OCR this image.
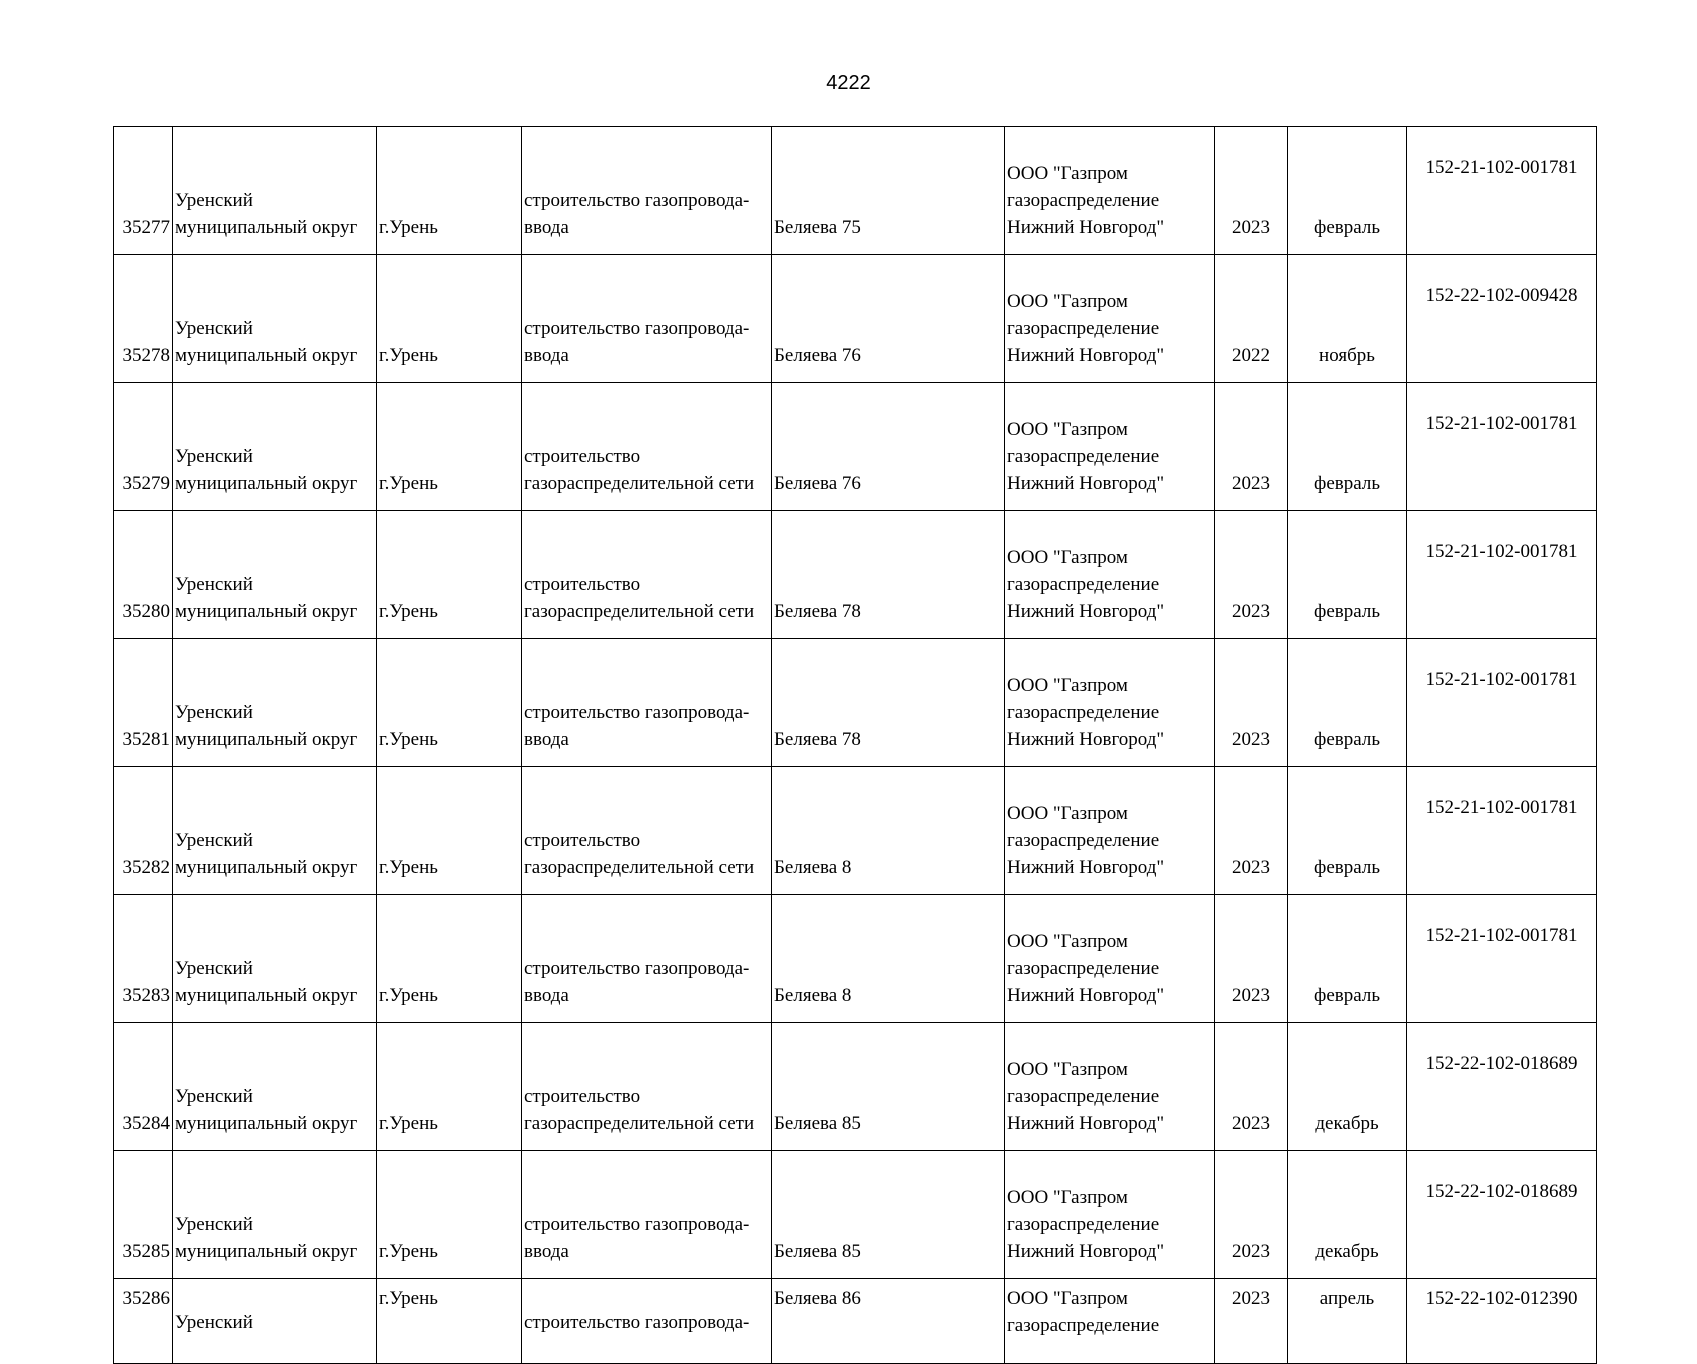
4222
35277	Уренский
муниципальный округ	г.Урень	строительство газопровода-
ввода	Беляева 75	ООО "Газпром
газораспределение
Нижний Новгород"	2023	февраль	152-21-102-001781
35278	Уренский
муниципальный округ	г.Урень	строительство газопровода-
ввода	Беляева 76	ООО "Газпром
газораспределение
Нижний Новгород"	2022	ноябрь	152-22-102-009428
35279	Уренский
муниципальный округ	г.Урень	строительство
газораспределительной сети	Беляева 76	ООО "Газпром
газораспределение
Нижний Новгород"	2023	февраль	152-21-102-001781
35280	Уренский
муниципальный округ	г.Урень	строительство
газораспределительной сети	Беляева 78	ООО "Газпром
газораспределение
Нижний Новгород"	2023	февраль	152-21-102-001781
35281	Уренский
муниципальный округ	г.Урень	строительство газопровода-
ввода	Беляева 78	ООО "Газпром
газораспределение
Нижний Новгород"	2023	февраль	152-21-102-001781
35282	Уренский
муниципальный округ	г.Урень	строительство
газораспределительной сети	Беляева 8	ООО "Газпром
газораспределение
Нижний Новгород"	2023	февраль	152-21-102-001781
35283	Уренский
муниципальный округ	г.Урень	строительство газопровода-
ввода	Беляева 8	ООО "Газпром
газораспределение
Нижний Новгород"	2023	февраль	152-21-102-001781
35284	Уренский
муниципальный округ	г.Урень	строительство
газораспределительной сети	Беляева 85	ООО "Газпром
газораспределение
Нижний Новгород"	2023	декабрь	152-22-102-018689
35285	Уренский
муниципальный округ	г.Урень	строительство газопровода-
ввода	Беляева 85	ООО "Газпром
газораспределение
Нижний Новгород"	2023	декабрь	152-22-102-018689
35286	Уренский	г.Урень	строительство газопровода-	Беляева 86	ООО "Газпром
газораспределение	2023	апрель	152-22-102-012390
